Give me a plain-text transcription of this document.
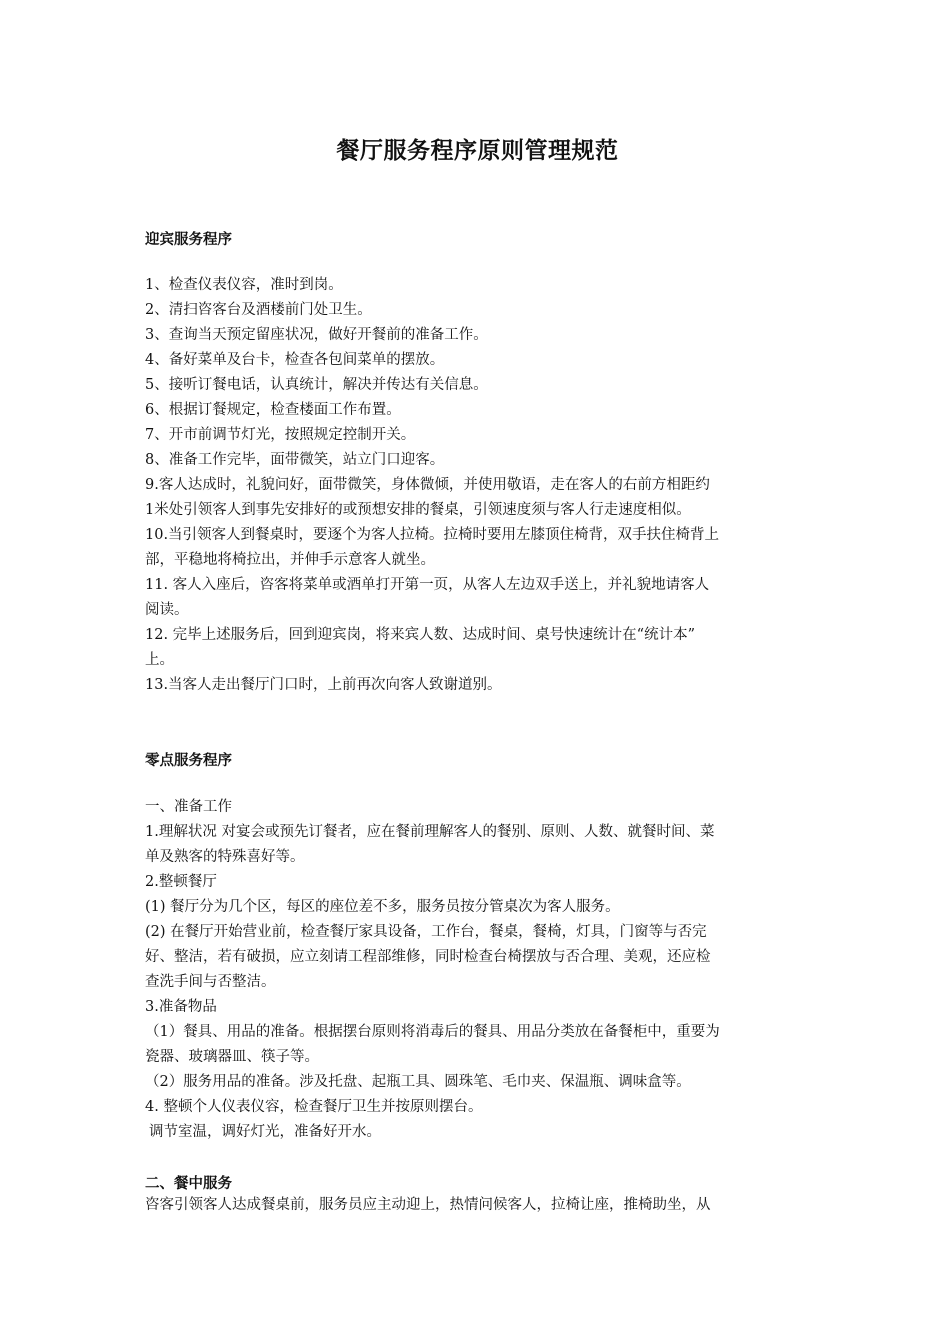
餐厅服务程序原则管理规范
迎宾服务程序
1、检查仪表仪容，准时到岗。
2、清扫咨客台及酒楼前门处卫生。
3、查询当天预定留座状况，做好开餐前的准备工作。
4、备好菜单及台卡，检查各包间菜单的摆放。
5、接听订餐电话，认真统计，解决并传达有关信息。
6、根据订餐规定，检查楼面工作布置。
7、开市前调节灯光，按照规定控制开关。
8、准备工作完毕，面带微笑，站立门口迎客。
9.客人达成时，礼貌问好，面带微笑，身体微倾，并使用敬语，走在客人的右前方相距约
1米处引领客人到事先安排好的或预想安排的餐桌，引领速度须与客人行走速度相似。
10.当引领客人到餐桌时，要逐个为客人拉椅。拉椅时要用左膝顶住椅背，双手扶住椅背上
部，平稳地将椅拉出，并伸手示意客人就坐。
11. 客人入座后，咨客将菜单或酒单打开第一页，从客人左边双手送上，并礼貌地请客人
阅读。
12. 完毕上述服务后，回到迎宾岗，将来宾人数、达成时间、桌号快速统计在“统计本”
上。
13.当客人走出餐厅门口时，上前再次向客人致谢道别。
零点服务程序
一、准备工作
1.理解状况 对宴会或预先订餐者，应在餐前理解客人的餐别、原则、人数、就餐时间、菜
单及熟客的特殊喜好等。
2.整顿餐厅
(1) 餐厅分为几个区，每区的座位差不多，服务员按分管桌次为客人服务。
(2) 在餐厅开始营业前，检查餐厅家具设备，工作台，餐桌，餐椅，灯具，门窗等与否完
好、整洁，若有破损，应立刻请工程部维修，同时检查台椅摆放与否合理、美观，还应检
查洗手间与否整洁。
3.准备物品
（1）餐具、用品的准备。根据摆台原则将消毒后的餐具、用品分类放在备餐柜中，重要为
瓷器、玻璃器皿、筷子等。
（2）服务用品的准备。涉及托盘、起瓶工具、圆珠笔、毛巾夹、保温瓶、调味盒等。
4. 整顿个人仪表仪容，检查餐厅卫生并按原则摆台。
调节室温，调好灯光，准备好开水。
二、餐中服务
咨客引领客人达成餐桌前，服务员应主动迎上，热情问候客人，拉椅让座，推椅助坐，从
